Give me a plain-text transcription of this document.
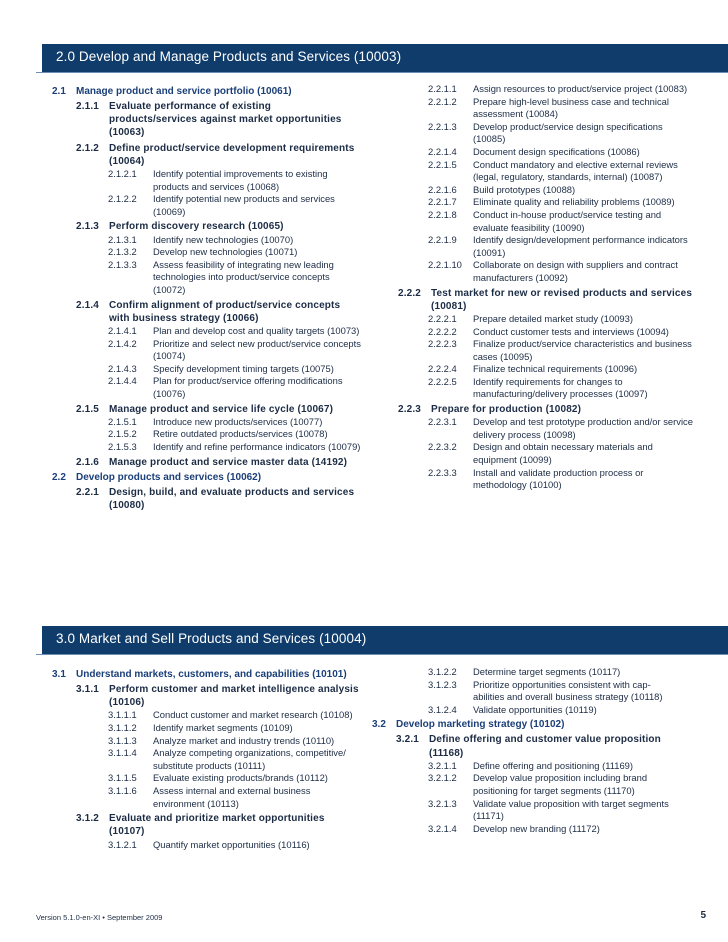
2.0 Develop and Manage Products and Services (10003)
2.1	Manage product and service portfolio (10061)
2.1.1	Evaluate performance of existing products/services against market opportunities (10063)
2.1.2	Define product/service development requirements (10064)
2.1.2.1	Identify potential improvements to existing products and services (10068)
2.1.2.2	Identify potential new products and services (10069)
2.1.3	Perform discovery research (10065)
2.1.3.1	Identify new technologies (10070)
2.1.3.2	Develop new technologies (10071)
2.1.3.3	Assess feasibility of integrating new leading technologies into product/service concepts (10072)
2.1.4	Confirm alignment of product/service concepts with business strategy (10066)
2.1.4.1	Plan and develop cost and quality targets (10073)
2.1.4.2	Prioritize and select new product/service concepts (10074)
2.1.4.3	Specify development timing targets (10075)
2.1.4.4	Plan for product/service offering modifications (10076)
2.1.5	Manage product and service life cycle (10067)
2.1.5.1	Introduce new products/services (10077)
2.1.5.2	Retire outdated products/services (10078)
2.1.5.3	Identify and refine performance indicators (10079)
2.1.6	Manage product and service master data (14192)
2.2	Develop products and services (10062)
2.2.1	Design, build, and evaluate products and services (10080)
2.2.1.1	Assign resources to product/service project (10083)
2.2.1.2	Prepare high-level business case and technical assessment (10084)
2.2.1.3	Develop product/service design specifications (10085)
2.2.1.4	Document design specifications (10086)
2.2.1.5	Conduct mandatory and elective external reviews (legal, regulatory, standards, internal) (10087)
2.2.1.6	Build prototypes (10088)
2.2.1.7	Eliminate quality and reliability problems (10089)
2.2.1.8	Conduct in-house product/service testing and evaluate feasibility (10090)
2.2.1.9	Identify design/development performance indicators (10091)
2.2.1.10	Collaborate on design with suppliers and contract manufacturers (10092)
2.2.2	Test market for new or revised products and services (10081)
2.2.2.1	Prepare detailed market study (10093)
2.2.2.2	Conduct customer tests and interviews (10094)
2.2.2.3	Finalize product/service characteristics and business cases (10095)
2.2.2.4	Finalize technical requirements (10096)
2.2.2.5	Identify requirements for changes to manufacturing/delivery processes (10097)
2.2.3	Prepare for production (10082)
2.2.3.1	Develop and test prototype production and/or service delivery process (10098)
2.2.3.2	Design and obtain necessary materials and equipment (10099)
2.2.3.3	Install and validate production process or methodology (10100)
3.0 Market and Sell Products and Services (10004)
3.1	Understand markets, customers, and capabilities (10101)
3.1.1	Perform customer and market intelligence analysis (10106)
3.1.1.1	Conduct customer and market research (10108)
3.1.1.2	Identify market segments (10109)
3.1.1.3	Analyze market and industry trends (10110)
3.1.1.4	Analyze competing organizations, competitive/ substitute products (10111)
3.1.1.5	Evaluate existing products/brands (10112)
3.1.1.6	Assess internal and external business environment (10113)
3.1.2	Evaluate and prioritize market opportunities (10107)
3.1.2.1	Quantify market opportunities (10116)
3.1.2.2	Determine target segments (10117)
3.1.2.3	Prioritize opportunities consistent with cap- abilities and overall business strategy (10118)
3.1.2.4	Validate opportunities (10119)
3.2	Develop marketing strategy (10102)
3.2.1	Define offering and customer value proposition (11168)
3.2.1.1	Define offering and positioning (11169)
3.2.1.2	Develop value proposition including brand positioning for target segments (11170)
3.2.1.3	Validate value proposition with target segments (11171)
3.2.1.4	Develop new branding (11172)
Version 5.1.0-en-XI • September 2009	5
